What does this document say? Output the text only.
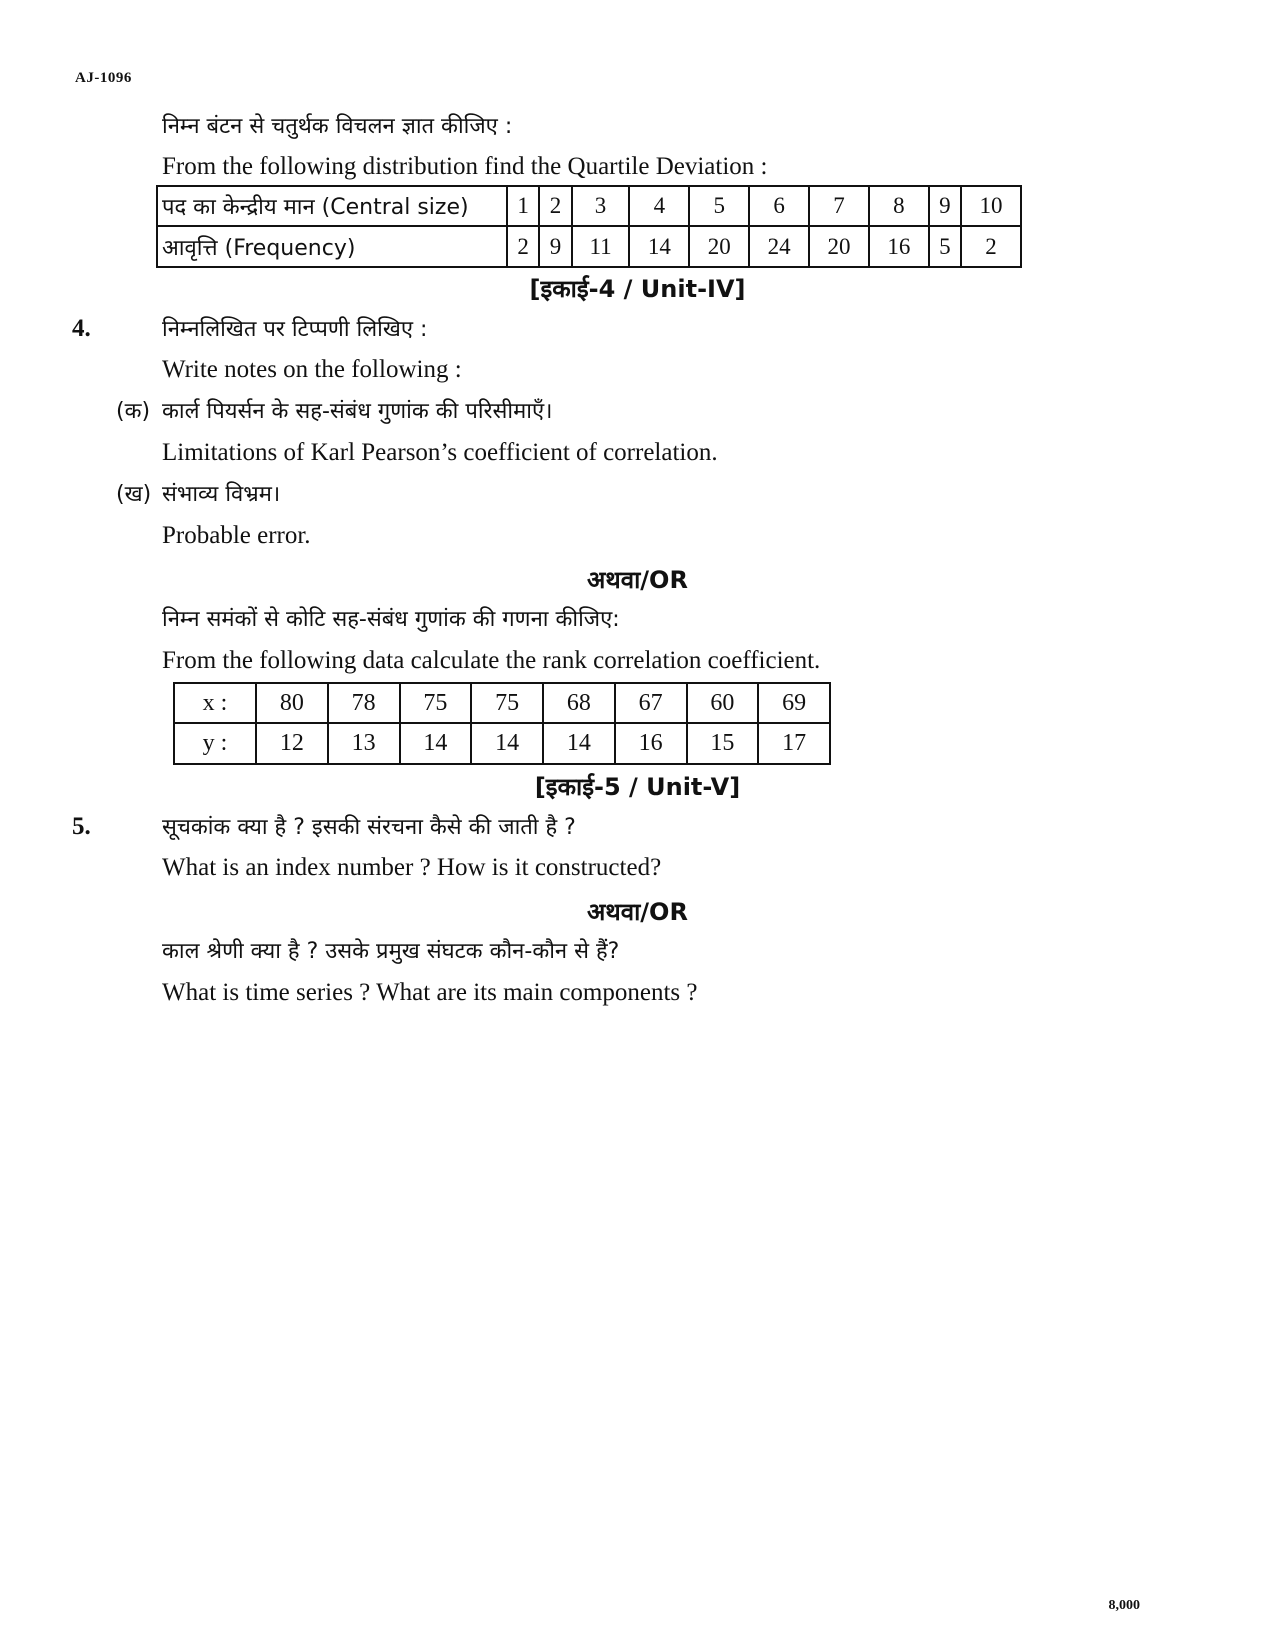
AJ-1096
निम्न बंटन से चतुर्थक विचलन ज्ञात कीजिए :
From the following distribution find the Quartile Deviation :
पद का केन्द्रीय मान (Central size)	1	2	3	4	5	6	7	8	9	10
आवृत्ति (Frequency)	2	9	11	14	20	24	20	16	5	2
[इकाई-4 / Unit-IV]
4.	निम्नलिखित पर टिप्पणी लिखिए :
Write notes on the following :
(क) कार्ल पियर्सन के सह-संबंध गुणांक की परिसीमाएँ।
Limitations of Karl Pearson’s coefficient of correlation.
(ख) संभाव्य विभ्रम।
Probable error.
अथवा/OR
निम्न समंकों से कोटि सह-संबंध गुणांक की गणना कीजिए:
From the following data calculate the rank correlation coefficient.
x :	80	78	75	75	68	67	60	69
y :	12	13	14	14	14	16	15	17
[इकाई-5 / Unit-V]
5.	सूचकांक क्या है ? इसकी संरचना कैसे की जाती है ?
What is an index number ? How is it constructed?
अथवा/OR
काल श्रेणी क्या है ? उसके प्रमुख संघटक कौन-कौन से हैं?
What is time series ? What are its main components ?
8,000
